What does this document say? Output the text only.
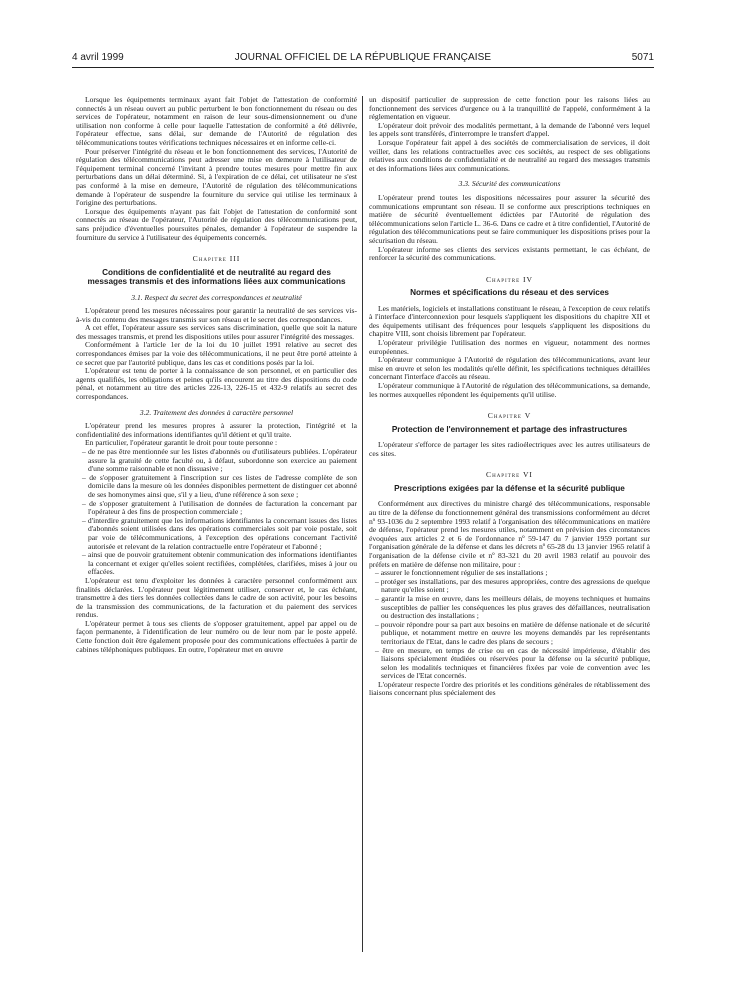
4 avril 1999	JOURNAL OFFICIEL DE LA RÉPUBLIQUE FRANÇAISE	5071

Lorsque les équipements terminaux ayant fait l'objet de l'attestation de conformité connectés à un réseau ouvert au public perturbent le bon fonctionnement du réseau ou des services de l'opérateur, notamment en raison de leur sous-dimensionnement ou d'une utilisation non conforme à celle pour laquelle l'attestation de conformité a été délivrée, l'opérateur effectue, sans délai, sur demande de l'Autorité de régulation des télécommunications toutes vérifications techniques nécessaires et en informe celle-ci.

Pour préserver l'intégrité du réseau et le bon fonctionnement des services, l'Autorité de régulation des télécommunications peut adresser une mise en demeure à l'utilisateur de l'équipement terminal concerné l'invitant à prendre toutes mesures pour mettre fin aux perturbations dans un délai déterminé. Si, à l'expiration de ce délai, cet utilisateur ne s'est pas conformé à la mise en demeure, l'Autorité de régulation des télécommunications demande à l'opérateur de suspendre la fourniture du service qui utilise les terminaux à l'origine des perturbations.

Lorsque des équipements n'ayant pas fait l'objet de l'attestation de conformité sont connectés au réseau de l'opérateur, l'Autorité de régulation des télécommunications peut, sans préjudice d'éventuelles poursuites pénales, demander à l'opérateur de suspendre la fourniture du service à l'utilisateur des équipements concernés.

Chapitre III
Conditions de confidentialité et de neutralité au regard des messages transmis et des informations liées aux communications
3.1. Respect du secret des correspondances et neutralité

L'opérateur prend les mesures nécessaires pour garantir la neutralité de ses services vis-à-vis du contenu des messages transmis sur son réseau et le secret des correspondances.

A cet effet, l'opérateur assure ses services sans discrimination, quelle que soit la nature des messages transmis, et prend les dispositions utiles pour assurer l'intégrité des messages.

Conformément à l'article 1er de la loi du 10 juillet 1991 relative au secret des correspondances émises par la voie des télécommunications, il ne peut être porté atteinte à ce secret que par l'autorité publique, dans les cas et conditions posés par la loi.

L'opérateur est tenu de porter à la connaissance de son personnel, et en particulier des agents qualifiés, les obligations et peines qu'ils encourent au titre des dispositions du code pénal, et notamment au titre des articles 226-13, 226-15 et 432-9 relatifs au secret des correspondances.

3.2. Traitement des données à caractère personnel

L'opérateur prend les mesures propres à assurer la protection, l'intégrité et la confidentialité des informations identifiantes qu'il détient et qu'il traite.

En particulier, l'opérateur garantit le droit pour toute personne :

– de ne pas être mentionnée sur les listes d'abonnés ou d'utilisateurs publiées. L'opérateur assure la gratuité de cette faculté ou, à défaut, subordonne son exercice au paiement d'une somme raisonnable et non dissuasive ;

– de s'opposer gratuitement à l'inscription sur ces listes de l'adresse complète de son domicile dans la mesure où les données disponibles permettent de distinguer cet abonné de ses homonymes ainsi que, s'il y a lieu, d'une référence à son sexe ;

– de s'opposer gratuitement à l'utilisation de données de facturation la concernant par l'opérateur à des fins de prospection commerciale ;

– d'interdire gratuitement que les informations identifiantes la concernant issues des listes d'abonnés soient utilisées dans des opérations commerciales soit par voie postale, soit par voie de télécommunications, à l'exception des opérations concernant l'activité autorisée et relevant de la relation contractuelle entre l'opérateur et l'abonné ;

– ainsi que de pouvoir gratuitement obtenir communication des informations identifiantes la concernant et exiger qu'elles soient rectifiées, complétées, clarifiées, mises à jour ou effacées.

L'opérateur est tenu d'exploiter les données à caractère personnel conformément aux finalités déclarées. L'opérateur peut légitimement utiliser, conserver et, le cas échéant, transmettre à des tiers les données collectées dans le cadre de son activité, pour les besoins de la transmission des communications, de la facturation et du paiement des services rendus.

L'opérateur permet à tous ses clients de s'opposer gratuitement, appel par appel ou de façon permanente, à l'identification de leur numéro ou de leur nom par le poste appelé. Cette fonction doit être également proposée pour des communications effectuées à partir de cabines téléphoniques publiques. En outre, l'opérateur met en œuvre

un dispositif particulier de suppression de cette fonction pour les raisons liées au fonctionnement des services d'urgence ou à la tranquillité de l'appelé, conformément à la réglementation en vigueur.

L'opérateur doit prévoir des modalités permettant, à la demande de l'abonné vers lequel les appels sont transférés, d'interrompre le transfert d'appel.

Lorsque l'opérateur fait appel à des sociétés de commercialisation de services, il doit veiller, dans les relations contractuelles avec ces sociétés, au respect de ses obligations relatives aux conditions de confidentialité et de neutralité au regard des messages transmis et des informations liées aux communications.

3.3. Sécurité des communications

L'opérateur prend toutes les dispositions nécessaires pour assurer la sécurité des communications empruntant son réseau. Il se conforme aux prescriptions techniques en matière de sécurité éventuellement édictées par l'Autorité de régulation des télécommunications selon l'article L. 36-6. Dans ce cadre et à titre confidentiel, l'Autorité de régulation des télécommunications peut se faire communiquer les dispositions prises pour la sécurisation du réseau.

L'opérateur informe ses clients des services existants permettant, le cas échéant, de renforcer la sécurité des communications.

Chapitre IV
Normes et spécifications du réseau et des services

Les matériels, logiciels et installations constituant le réseau, à l'exception de ceux relatifs à l'interface d'interconnexion pour lesquels s'appliquent les dispositions du chapitre XII et des équipements utilisant des fréquences pour lesquels s'appliquent les dispositions du chapitre VIII, sont choisis librement par l'opérateur.

L'opérateur privilégie l'utilisation des normes en vigueur, notamment des normes européennes.

L'opérateur communique à l'Autorité de régulation des télécommunications, avant leur mise en œuvre et selon les modalités qu'elle définit, les spécifications techniques détaillées concernant l'interface d'accès au réseau.

L'opérateur communique à l'Autorité de régulation des télécommunications, sa demande, les normes auxquelles répondent les équipements qu'il utilise.

Chapitre V
Protection de l'environnement et partage des infrastructures

L'opérateur s'efforce de partager les sites radioélectriques avec les autres utilisateurs de ces sites.

Chapitre VI
Prescriptions exigées par la défense et la sécurité publique

Conformément aux directives du ministre chargé des télécommunications, responsable au titre de la défense du fonctionnement général des transmissions conformément au décret nº 93-1036 du 2 septembre 1993 relatif à l'organisation des télécommunications en matière de défense, l'opérateur prend les mesures utiles, notamment en prévision des circonstances évoquées aux articles 2 et 6 de l'ordonnance nº 59-147 du 7 janvier 1959 portant sur l'organisation générale de la défense et dans les décrets nº 65-28 du 13 janvier 1965 relatif à l'organisation de la défense civile et nº 83-321 du 20 avril 1983 relatif au pouvoir des préfets en matière de défense non militaire, pour :

– assurer le fonctionnement régulier de ses installations ;

– protéger ses installations, par des mesures appropriées, contre des agressions de quelque nature qu'elles soient ;

– garantir la mise en œuvre, dans les meilleurs délais, de moyens techniques et humains susceptibles de pallier les conséquences les plus graves des défaillances, neutralisation ou destruction des installations ;

– pouvoir répondre pour sa part aux besoins en matière de défense nationale et de sécurité publique, et notamment mettre en œuvre les moyens demandés par les représentants territoriaux de l'Etat, dans le cadre des plans de secours ;

– être en mesure, en temps de crise ou en cas de nécessité impérieuse, d'établir des liaisons spécialement étudiées ou réservées pour la défense ou la sécurité publique, selon les modalités techniques et financières fixées par voie de convention avec les services de l'Etat concernés.

L'opérateur respecte l'ordre des priorités et les conditions générales de rétablissement des liaisons concernant plus spécialement des
